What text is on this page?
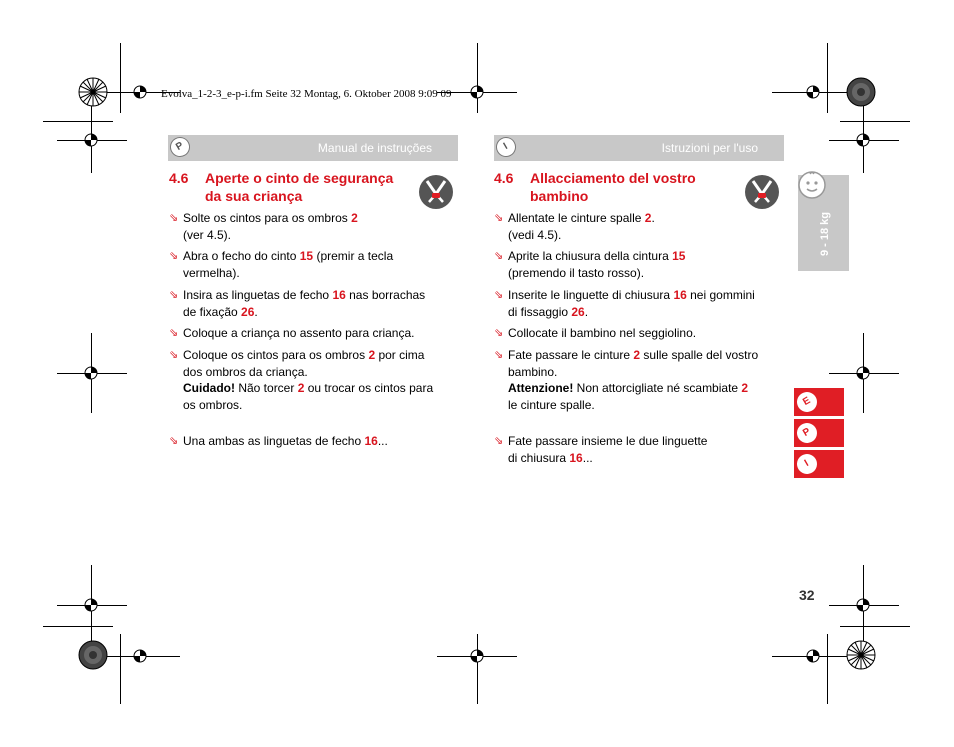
Evolva_1-2-3_e-p-i.fm Seite 32 Montag, 6. Oktober 2008 9:09 09
P	Manual de instruções
4.6 Aperte o cinto de segurança
da sua criança
⇘ Solte os cintos para os ombros 2
(ver 4.5).
⇘ Abra o fecho do cinto 15 (premir a tecla
vermelha).
⇘ Insira as linguetas de fecho 16 nas borrachas
de fixação 26.
⇘ Coloque a criança no assento para criança.
⇘ Coloque os cintos para os ombros 2 por cima
dos ombros da criança.
Cuidado! Não torcer 2 ou trocar os cintos para
os ombros.
⇘ Una ambas as linguetas de fecho 16...
I	Istruzioni per l'uso
4.6 Allacciamento del vostro
bambino
⇘ Allentate le cinture spalle 2.
(vedi 4.5).
⇘ Aprite la chiusura della cintura 15
(premendo il tasto rosso).
⇘ Inserite le linguette di chiusura 16 nei gommini
di fissaggio 26.
⇘ Collocate il bambino nel seggiolino.
⇘ Fate passare le cinture 2 sulle spalle del vostro
bambino.
Attenzione! Non attorcigliate né scambiate 2
le cinture spalle.
⇘ Fate passare insieme le due linguette
di chiusura 16...
9 - 18 kg
E
P
I
32
